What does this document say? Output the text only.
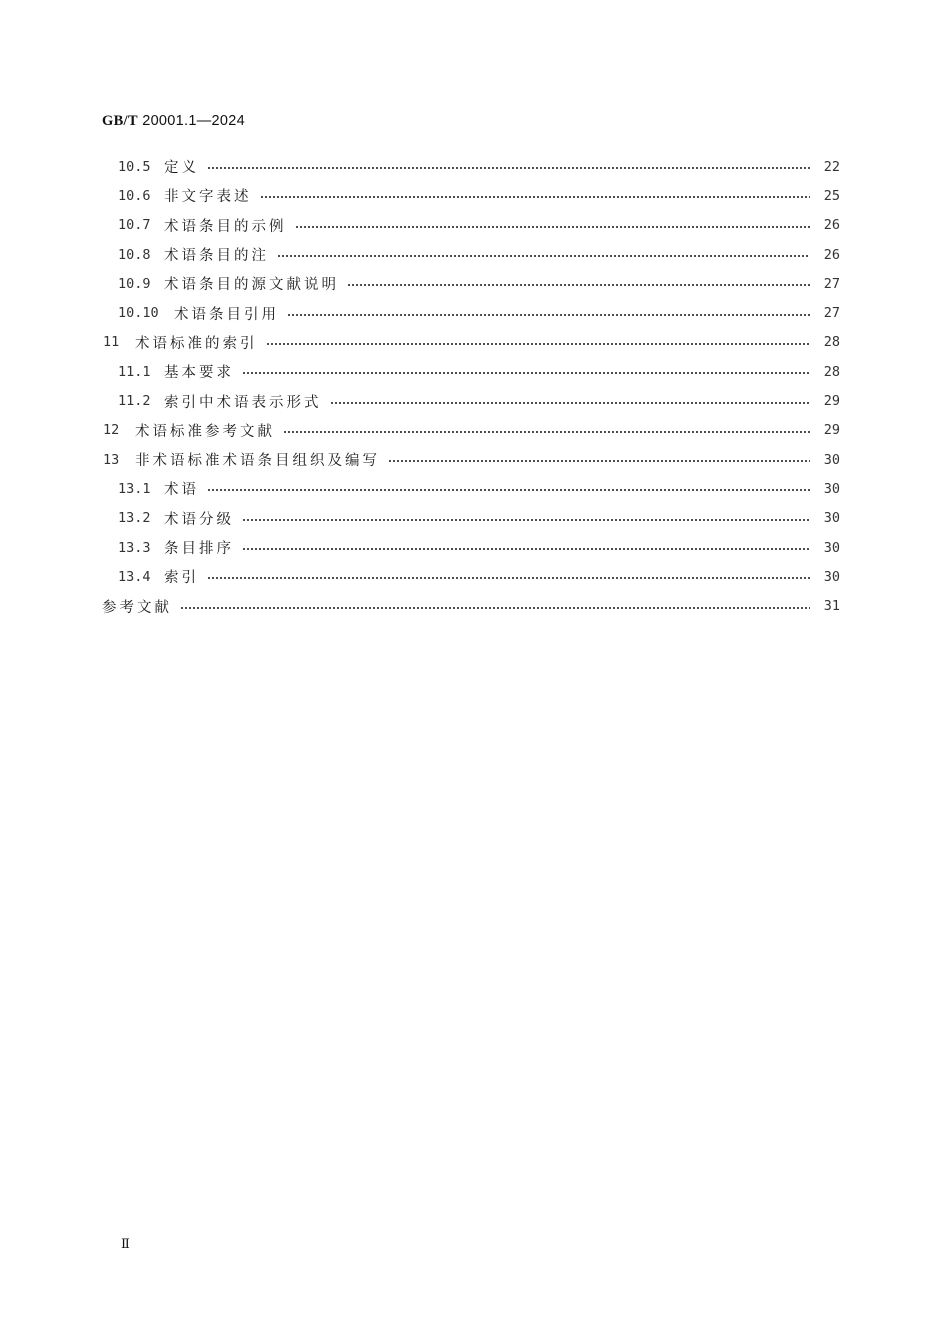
GB/T 20001.1—2024
10.5 定义	22
10.6 非文字表述	25
10.7 术语条目的示例	26
10.8 术语条目的注	26
10.9 术语条目的源文献说明	27
10.10	术语条目引用	27
11	术语标准的索引	28
11.1 基本要求	28
11.2 索引中术语表示形式	29
12	术语标准参考文献	29
13	非术语标准术语条目组织及编写	30
13.1 术语	30
13.2 术语分级	30
13.3 条目排序	30
13.4 索引	30
参考文献	31
Ⅱ
